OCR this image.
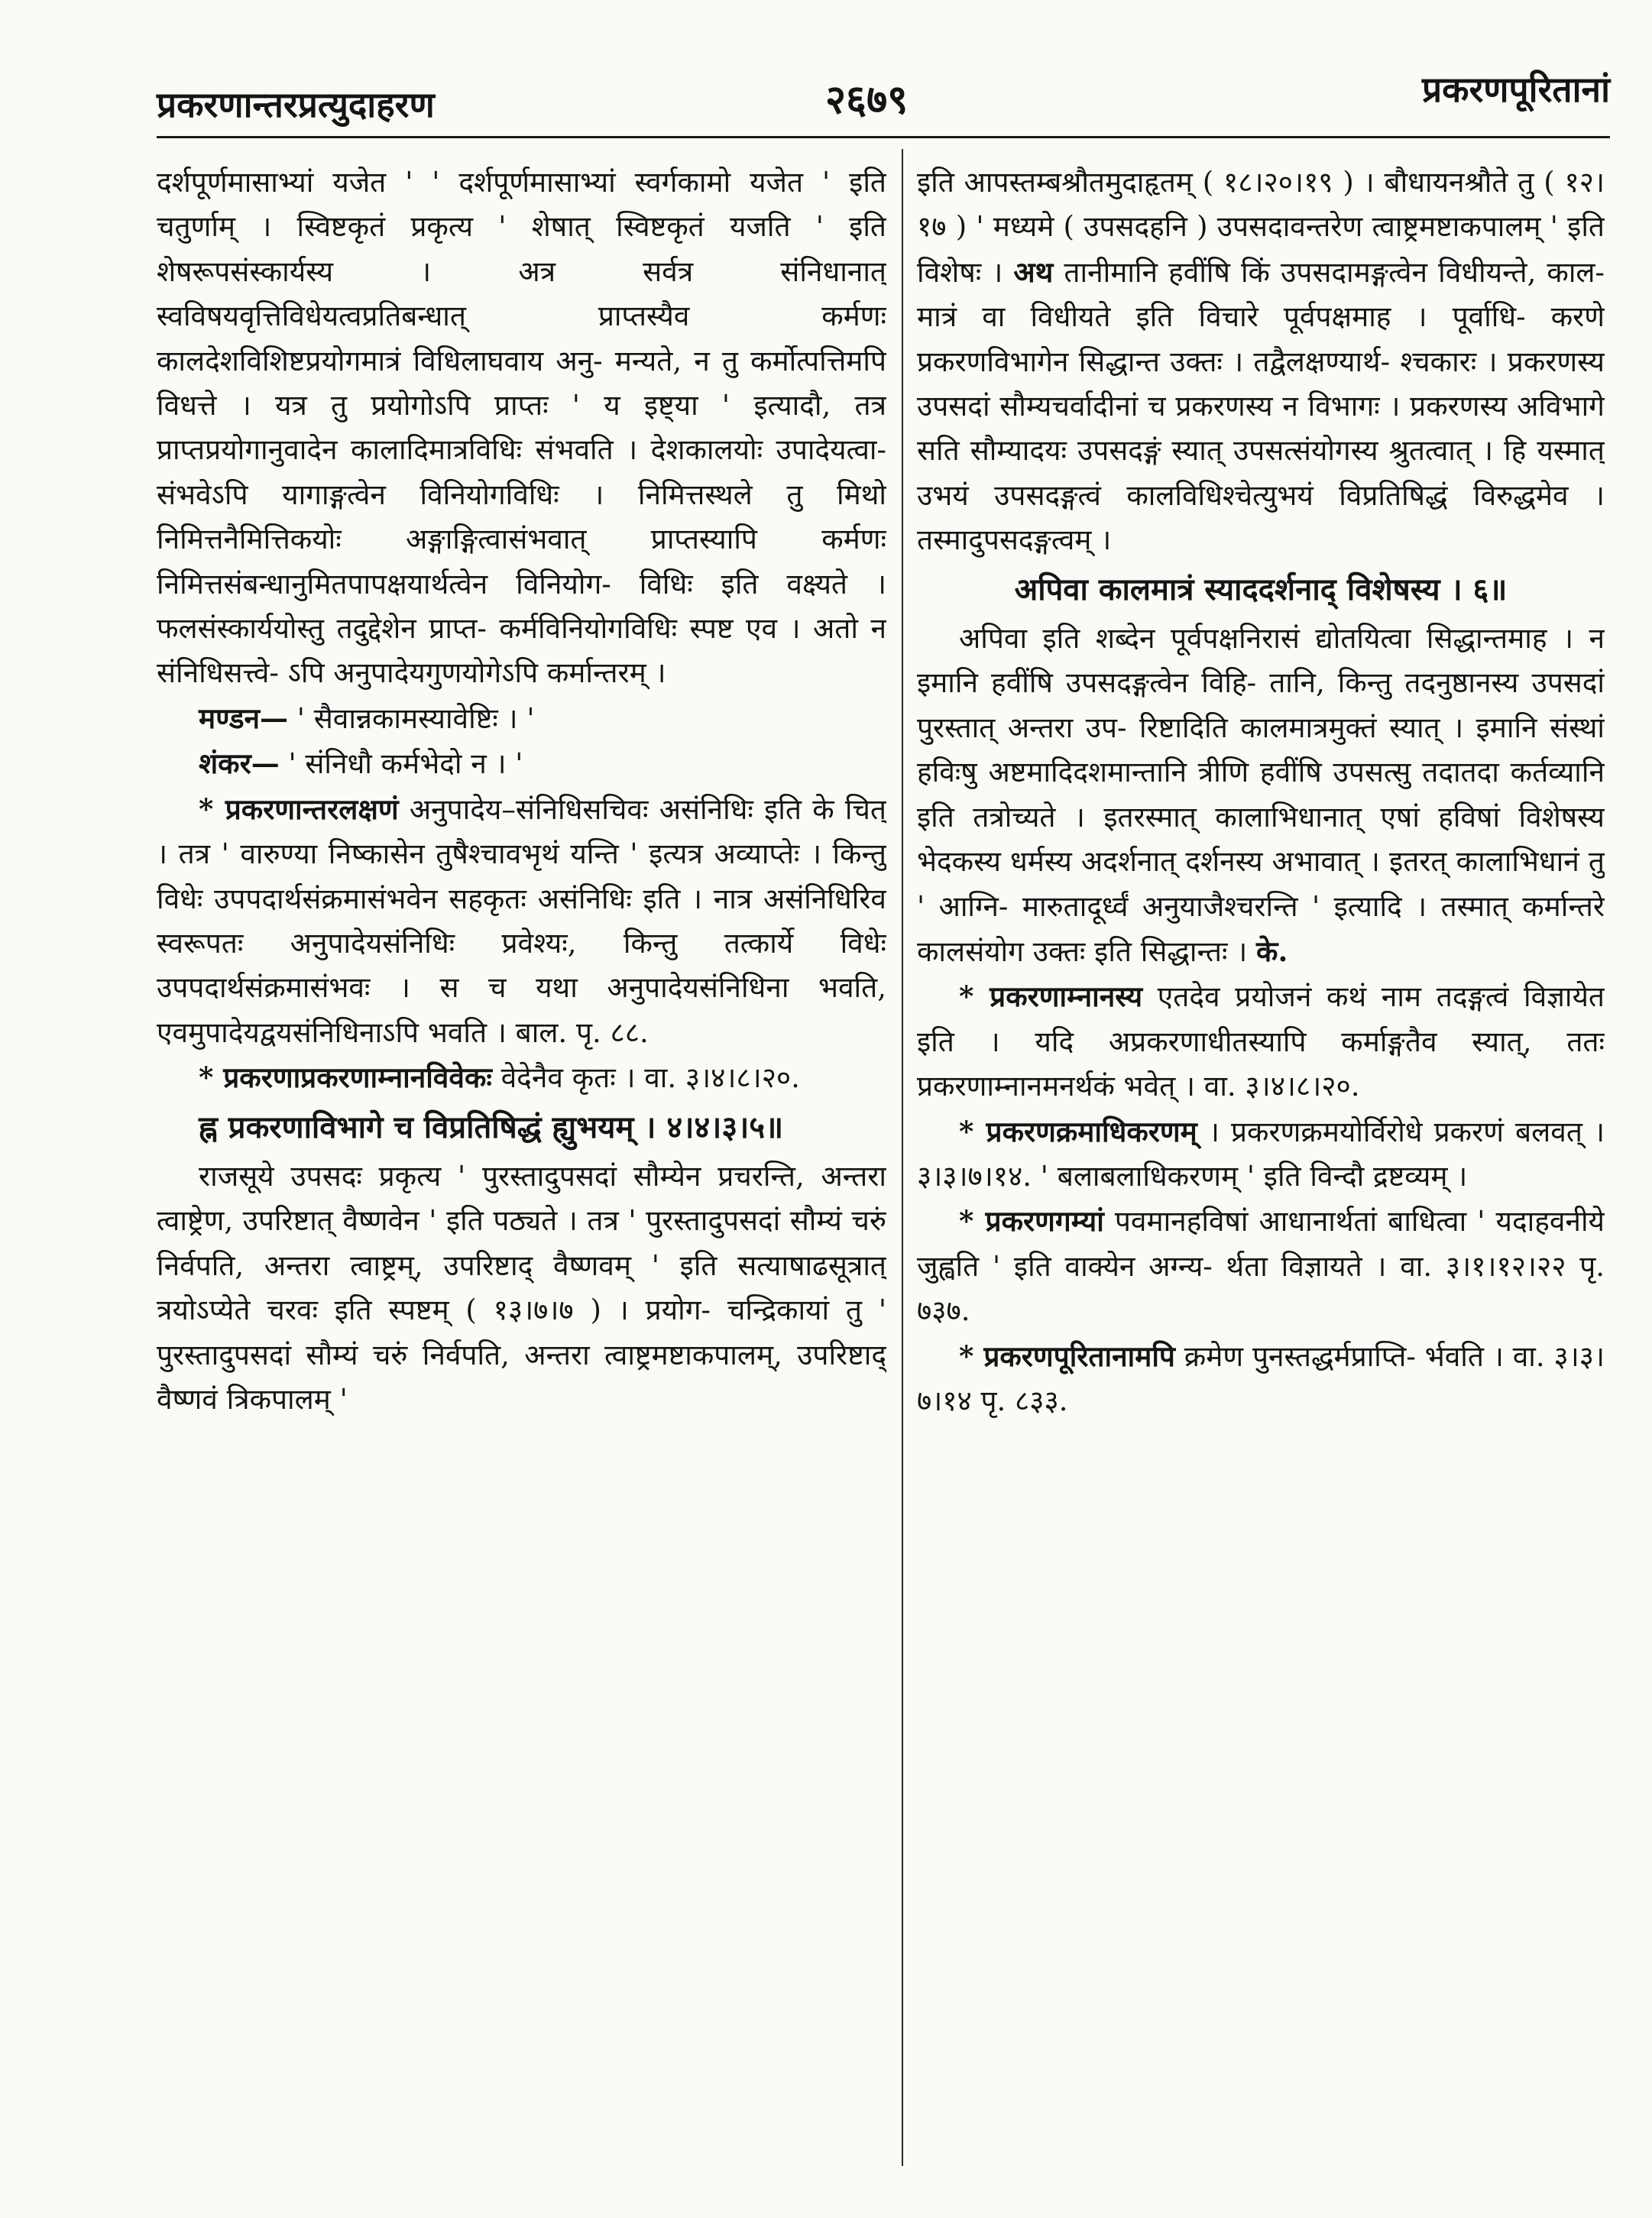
प्रकरणान्तरप्रत्युदाहरण	२६७९	प्रकरणपूरितानां

दर्शपूर्णमासाभ्यां यजेत ' ' दर्शपूर्णमासाभ्यां स्वर्गकामो यजेत ' इति चतुर्णाम् । स्विष्टकृतं प्रकृत्य ' शेषात् स्विष्टकृतं यजति ' इति शेषरूपसंस्कार्यस्य । अत्र सर्वत्र संनिधानात् स्वविषयवृत्तिविधेयत्वप्रतिबन्धात् प्राप्तस्यैव कर्मणः कालदेशविशिष्टप्रयोगमात्रं विधिलाघवाय अनु- मन्यते, न तु कर्मोत्पत्तिमपि विधत्ते । यत्र तु प्रयोगोऽपि प्राप्तः ' य इष्ट्या ' इत्यादौ, तत्र प्राप्तप्रयोगानुवादेन कालादिमात्रविधिः संभवति । देशकालयोः उपादेयत्वा- संभवेऽपि यागाङ्गत्वेन विनियोगविधिः । निमित्तस्थले तु मिथो निमित्तनैमित्तिकयोः अङ्गाङ्गित्वासंभवात् प्राप्तस्यापि कर्मणः निमित्तसंबन्धानुमितपापक्षयार्थत्वेन विनियोग- विधिः इति वक्ष्यते । फलसंस्कार्ययोस्तु तदुद्देशेन प्राप्त- कर्मविनियोगविधिः स्पष्ट एव । अतो न संनिधिसत्त्वे- ऽपि अनुपादेयगुणयोगेऽपि कर्मान्तरम् ।

मण्डन— ' सैवान्नकामस्यावेष्टिः । '

शंकर— ' संनिधौ कर्मभेदो न । '

* प्रकरणान्तरलक्षणं अनुपादेय–संनिधिसचिवः असंनिधिः इति के चित् । तत्र ' वारुण्या निष्कासेन तुषैश्चावभृथं यन्ति ' इत्यत्र अव्याप्तेः । किन्तु विधेः उपपदार्थसंक्रमासंभवेन सहकृतः असंनिधिः इति । नात्र असंनिधिरिव स्वरूपतः अनुपादेयसंनिधिः प्रवेश्यः, किन्तु तत्कार्ये विधेः उपपदार्थसंक्रमासंभवः । स च यथा अनुपादेयसंनिधिना भवति, एवमुपादेयद्वयसंनिधिनाऽपि भवति । बाल. पृ. ८८.

* प्रकरणाप्रकरणाम्नानविवेकः वेदेनैव कृतः । वा. ३।४।८।२०.

ह्न प्रकरणाविभागे च विप्रतिषिद्धं ह्युभयम् । ४।४।३।५॥

राजसूये उपसदः प्रकृत्य ' पुरस्तादुपसदां सौम्येन प्रचरन्ति, अन्तरा त्वाष्ट्रेण, उपरिष्टात् वैष्णवेन ' इति पठ्यते । तत्र ' पुरस्तादुपसदां सौम्यं चरुं निर्वपति, अन्तरा त्वाष्ट्रम्, उपरिष्टाद् वैष्णवम् ' इति सत्याषाढसूत्रात् त्रयोऽप्येते चरवः इति स्पष्टम् ( १३।७।७ ) । प्रयोग- चन्द्रिकायां तु ' पुरस्तादुपसदां सौम्यं चरुं निर्वपति, अन्तरा त्वाष्ट्रमष्टाकपालम्, उपरिष्टाद् वैष्णवं त्रिकपालम् '

इति आपस्तम्बश्रौतमुदाहृतम् ( १८।२०।१९ ) । बौधायनश्रौते तु ( १२।१७ ) ' मध्यमे ( उपसदहनि ) उपसदावन्तरेण त्वाष्ट्रमष्टाकपालम् ' इति विशेषः । अथ तानीमानि हवींषि किं उपसदामङ्गत्वेन विधीयन्ते, काल- मात्रं वा विधीयते इति विचारे पूर्वपक्षमाह । पूर्वाधि- करणे प्रकरणविभागेन सिद्धान्त उक्तः । तद्वैलक्षण्यार्थ- श्चकारः । प्रकरणस्य उपसदां सौम्यचर्वादीनां च प्रकरणस्य न विभागः । प्रकरणस्य अविभागे सति सौम्यादयः उपसदङ्गं स्यात् उपसत्संयोगस्य श्रुतत्वात् । हि यस्मात् उभयं उपसदङ्गत्वं कालविधिश्चेत्युभयं विप्रतिषिद्धं विरुद्धमेव । तस्मादुपसदङ्गत्वम् ।

अपिवा कालमात्रं स्याददर्शनाद् विशेषस्य । ६॥

अपिवा इति शब्देन पूर्वपक्षनिरासं द्योतयित्वा सिद्धान्तमाह । न इमानि हवींषि उपसदङ्गत्वेन विहि- तानि, किन्तु तदनुष्ठानस्य उपसदां पुरस्तात् अन्तरा उप- रिष्टादिति कालमात्रमुक्तं स्यात् । इमानि संस्थां हविःषु अष्टमादिदशमान्तानि त्रीणि हवींषि उपसत्सु तदातदा कर्तव्यानि इति तत्रोच्यते । इतरस्मात् कालाभिधानात् एषां हविषां विशेषस्य भेदकस्य धर्मस्य अदर्शनात् दर्शनस्य अभावात् । इतरत् कालाभिधानं तु ' आग्नि- मारुतादूर्ध्वं अनुयाजैश्चरन्ति ' इत्यादि । तस्मात् कर्मान्तरे कालसंयोग उक्तः इति सिद्धान्तः । के.

* प्रकरणाम्नानस्य एतदेव प्रयोजनं कथं नाम तदङ्गत्वं विज्ञायेत इति । यदि अप्रकरणाधीतस्यापि कर्माङ्गतैव स्यात्, ततः प्रकरणाम्नानमनर्थकं भवेत् । वा. ३।४।८।२०.

* प्रकरणक्रमाधिकरणम् । प्रकरणक्रमयोर्विरोधे प्रकरणं बलवत् । ३।३।७।१४. ' बलाबलाधिकरणम् ' इति विन्दौ द्रष्टव्यम् ।

* प्रकरणगम्यां पवमानहविषां आधानार्थतां बाधित्वा ' यदाहवनीये जुह्वति ' इति वाक्येन अग्न्य- र्थता विज्ञायते । वा. ३।१।१२।२२ पृ. ७३७.

* प्रकरणपूरितानामपि क्रमेण पुनस्तद्धर्मप्राप्ति- र्भवति । वा. ३।३।७।१४ पृ. ८३३.
